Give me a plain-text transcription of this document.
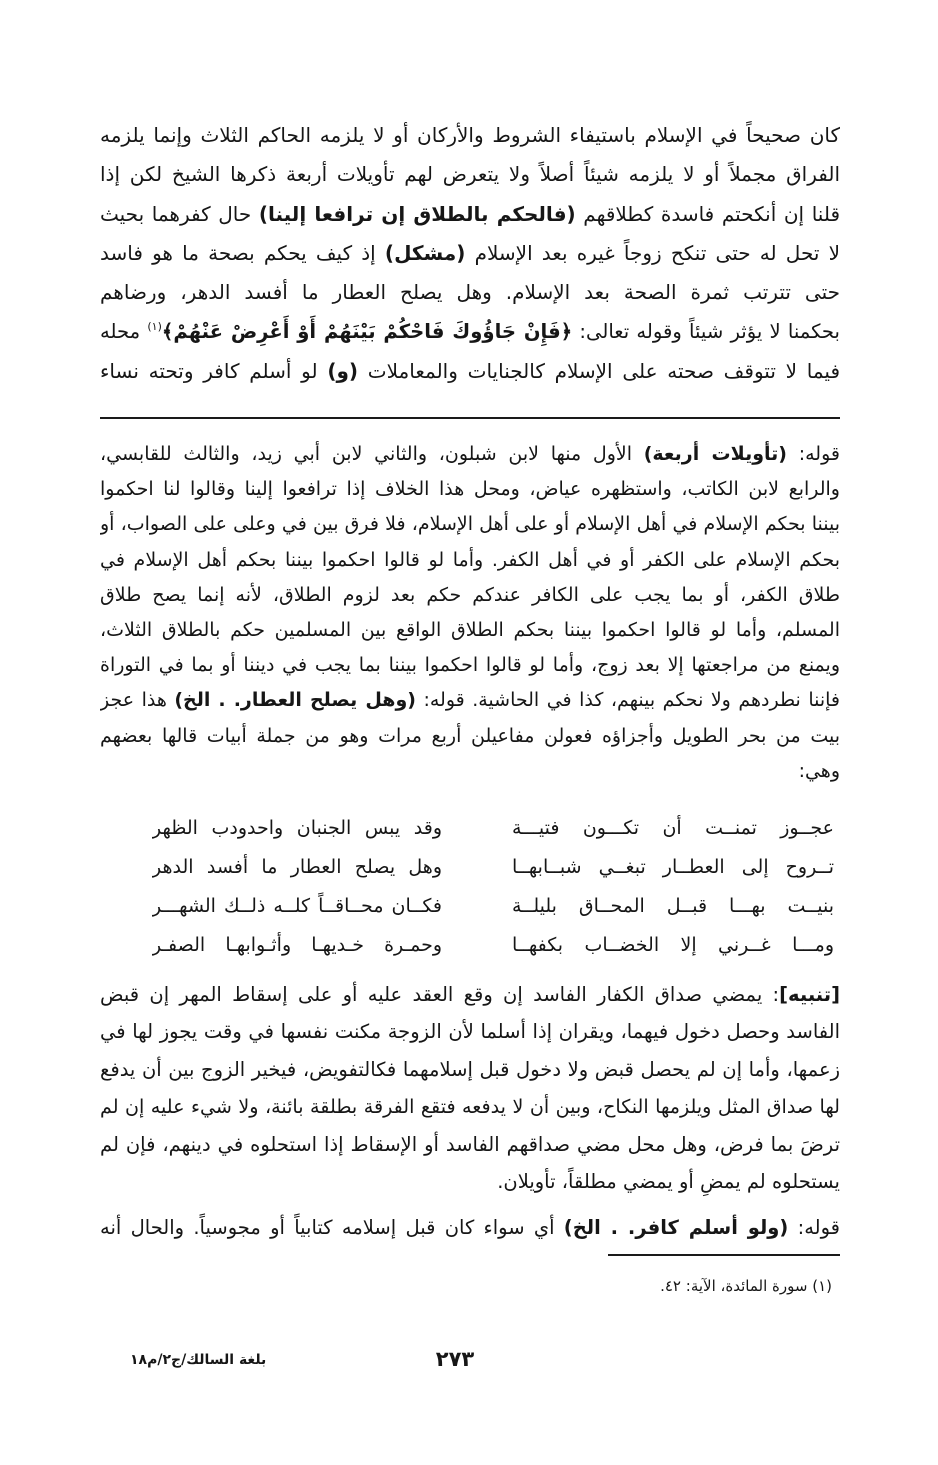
كان صحيحاً في الإسلام باستيفاء الشروط والأركان أو لا يلزمه الحاكم الثلاث وإنما يلزمه
الفراق مجملاً أو لا يلزمه شيئاً أصلاً ولا يتعرض لهم تأويلات أربعة ذكرها الشيخ لكن إذا
قلنا إن أنكحتم فاسدة كطلاقهم (فالحكم بالطلاق إن ترافعا إلينا) حال كفرهما بحيث
لا تحل له حتى تنكح زوجاً غيره بعد الإسلام (مشكل) إذ كيف يحكم بصحة ما هو فاسد
حتى تترتب ثمرة الصحة بعد الإسلام. وهل يصلح العطار ما أفسد الدهر، ورضاهم
بحكمنا لا يؤثر شيئاً وقوله تعالى: ﴿فَإِنْ جَاؤُوكَ فَاحْكُمْ بَيْنَهُمْ أَوْ أَعْرِضْ عَنْهُمْ﴾$^{(١)}$ محله
فيما لا تتوقف صحته على الإسلام كالجنايات والمعاملات (و) لو أسلم كافر وتحته نساء
قوله: (تأويلات أربعة) الأول منها لابن شبلون، والثاني لابن أبي زيد، والثالث للقابسي،
والرابع لابن الكاتب، واستظهره عياض، ومحل هذا الخلاف إذا ترافعوا إلينا وقالوا لنا احكموا
بيننا بحكم الإسلام في أهل الإسلام أو على أهل الإسلام، فلا فرق بين في وعلى على الصواب، أو
بحكم الإسلام على الكفر أو في أهل الكفر. وأما لو قالوا احكموا بيننا بحكم أهل الإسلام في
طلاق الكفر، أو بما يجب على الكافر عندكم حكم بعد لزوم الطلاق، لأنه إنما يصح طلاق
المسلم، وأما لو قالوا احكموا بيننا بحكم الطلاق الواقع بين المسلمين حكم بالطلاق الثلاث،
ويمنع من مراجعتها إلا بعد زوج، وأما لو قالوا احكموا بيننا بما يجب في ديننا أو بما في التوراة
فإننا نطردهم ولا نحكم بينهم، كذا في الحاشية. قوله: (وهل يصلح العطار. . الخ) هذا عجز
بيت من بحر الطويل وأجزاؤه فعولن مفاعيلن أربع مرات وهو من جملة أبيات قالها بعضهم
وهي:
عجــوز تمنــت أن تكـــون فتيـــة
تــروح إلى العطــار تبغــي شبــابهــا
بنيــت بهـــا قبــل المحــاق بليلــة
ومـــا غــرني إلا الخضــاب بكفهــا
وقد يبس الجنبان واحدودب الظهر
وهل يصلح العطار ما أفسد الدهر
فكــان محــاقــاً كلــه ذلــك الشهـــر
وحمـرة خـديهـا وأثـوابهـا الصفـر
[تنبيه]: يمضي صداق الكفار الفاسد إن وقع العقد عليه أو على إسقاط المهر إن قبض
الفاسد وحصل دخول فيهما، ويقران إذا أسلما لأن الزوجة مكنت نفسها في وقت يجوز لها في
زعمها، وأما إن لم يحصل قبض ولا دخول قبل إسلامهما فكالتفويض، فيخير الزوج بين أن يدفع
لها صداق المثل ويلزمها النكاح، وبين أن لا يدفعه فتقع الفرقة بطلقة بائنة، ولا شيء عليه إن لم
ترضَ بما فرض، وهل محل مضي صداقهم الفاسد أو الإسقاط إذا استحلوه في دينهم، فإن لم
يستحلوه لم يمضِ أو يمضي مطلقاً، تأويلان.
قوله: (ولو أسلم كافر. . الخ) أي سواء كان قبل إسلامه كتابياً أو مجوسياً. والحال أنه
(١) سورة المائدة، الآية: ٤٢.
٢٧٣
بلغة السالك/ج٢/م١٨
